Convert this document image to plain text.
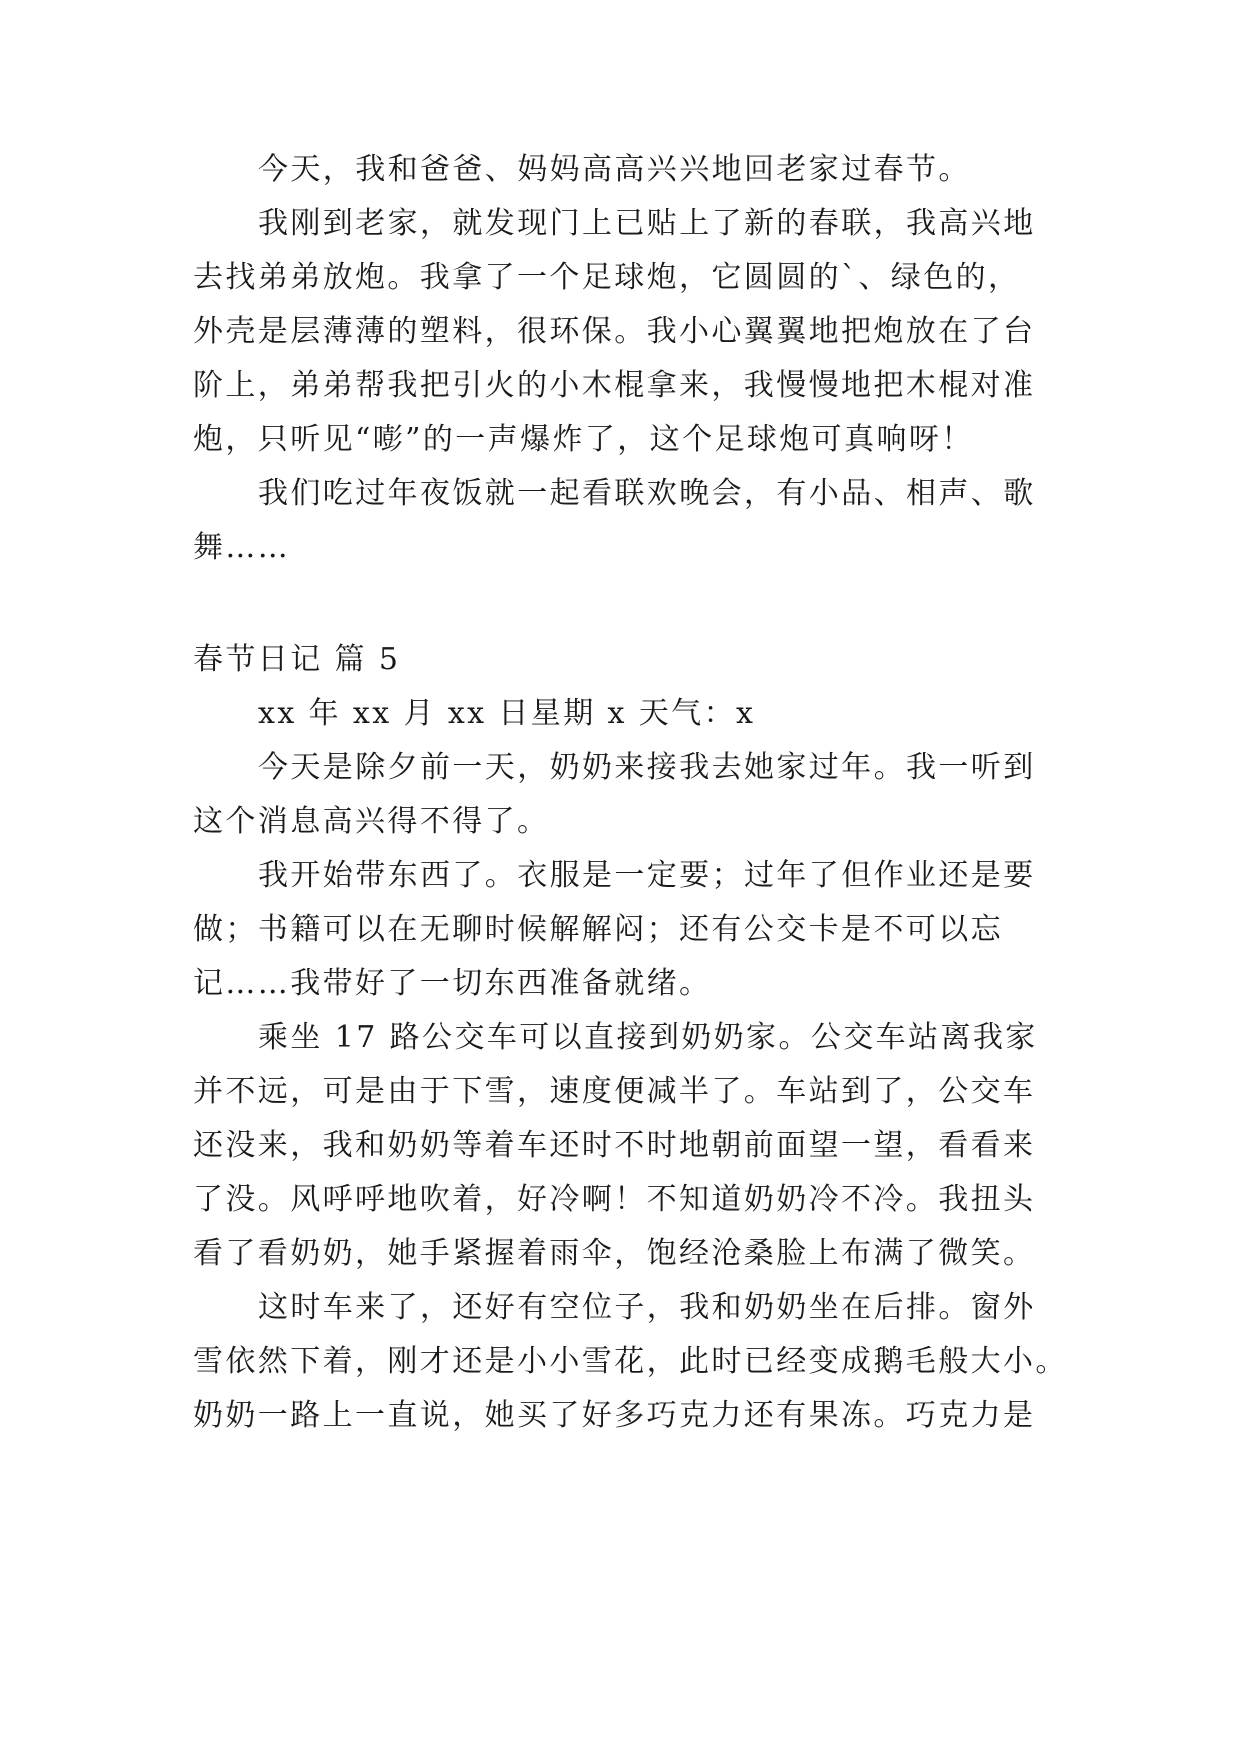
今天，我和爸爸、妈妈高高兴兴地回老家过春节。
我刚到老家，就发现门上已贴上了新的春联，我高兴地
去找弟弟放炮。我拿了一个足球炮，它圆圆的`、绿色的，
外壳是层薄薄的塑料，很环保。我小心翼翼地把炮放在了台
阶上，弟弟帮我把引火的小木棍拿来，我慢慢地把木棍对准
炮，只听见“嘭”的一声爆炸了，这个足球炮可真响呀！
我们吃过年夜饭就一起看联欢晚会，有小品、相声、歌
舞……
春节日记 篇 5
xx 年 xx 月 xx 日星期 x 天气：x
今天是除夕前一天，奶奶来接我去她家过年。我一听到
这个消息高兴得不得了。
我开始带东西了。衣服是一定要；过年了但作业还是要
做；书籍可以在无聊时候解解闷；还有公交卡是不可以忘
记……我带好了一切东西准备就绪。
乘坐 17 路公交车可以直接到奶奶家。公交车站离我家
并不远，可是由于下雪，速度便减半了。车站到了，公交车
还没来，我和奶奶等着车还时不时地朝前面望一望，看看来
了没。风呼呼地吹着，好冷啊！不知道奶奶冷不冷。我扭头
看了看奶奶，她手紧握着雨伞，饱经沧桑脸上布满了微笑。
这时车来了，还好有空位子，我和奶奶坐在后排。窗外
雪依然下着，刚才还是小小雪花，此时已经变成鹅毛般大小。
奶奶一路上一直说，她买了好多巧克力还有果冻。巧克力是
